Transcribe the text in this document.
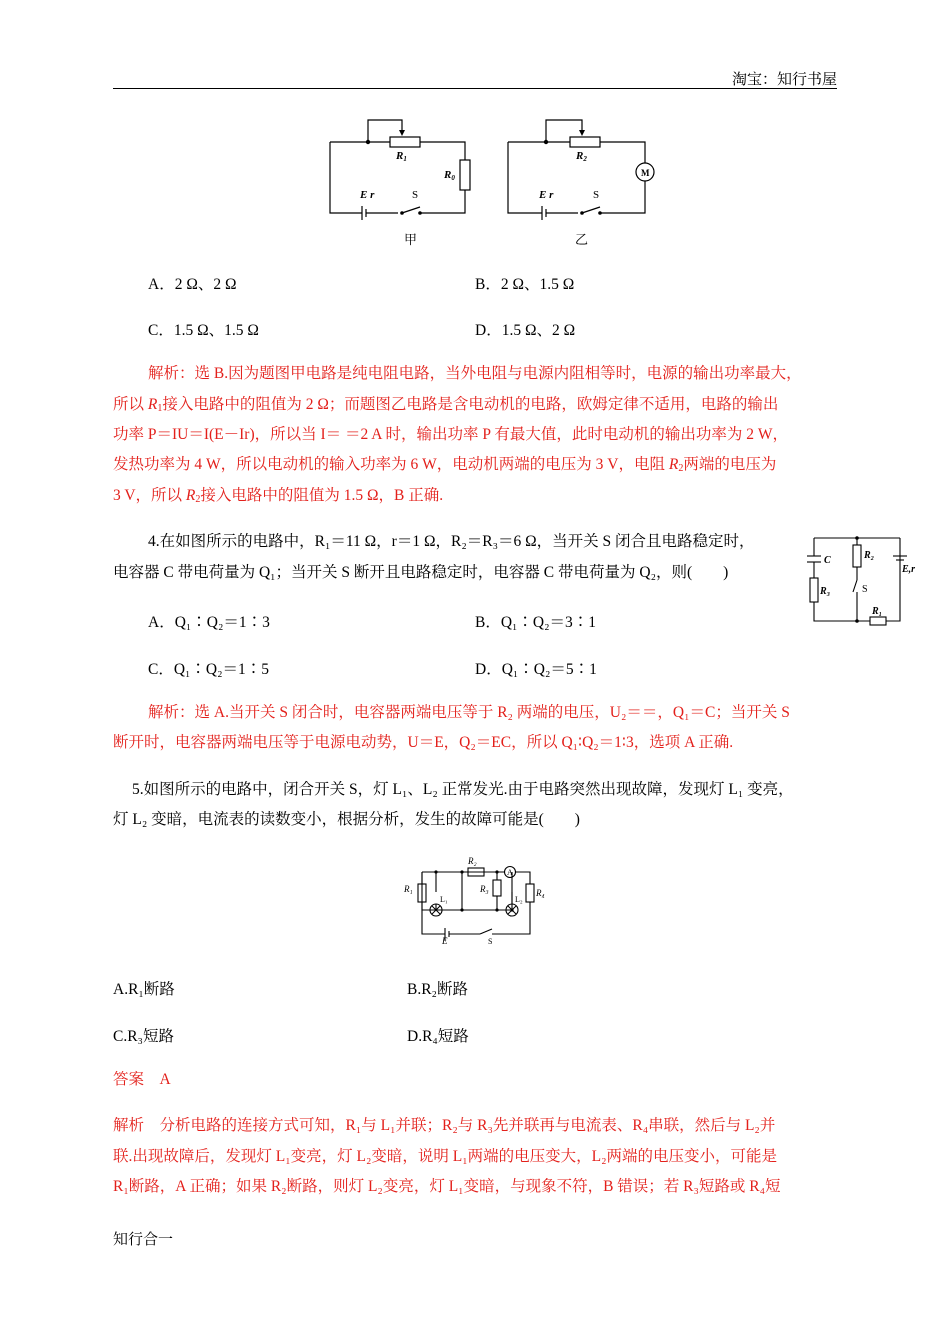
淘宝：知行书屋
R1
R0
E r
R2
E r
S	S
M
甲	乙
A．2 Ω、2 Ω	B．2 Ω、1.5 Ω
C．1.5 Ω、1.5 Ω	D．1.5 Ω、2 Ω
解析：选 B.因为题图甲电路是纯电阻电路，当外电阻与电源内阻相等时，电源的输出功率最大，
所以 $R_1$接入电路中的阻值为 2 Ω；而题图乙电路是含电动机的电路，欧姆定律不适用，电路的输出
功率 P＝IU＝I(E－Ir)，所以当 I＝ ＝2 A 时，输出功率 P 有最大值，此时电动机的输出功率为 2 W，
发热功率为 4 W，所以电动机的输入功率为 6 W，电动机两端的电压为 3 V，电阻 $R_2$两端的电压为
3 V，所以 $R_2$接入电路中的阻值为 1.5 Ω，B 正确.
4.在如图所示的电路中，R₁＝11 Ω，r＝1 Ω，R₂＝R₃＝6 Ω，当开关 S 闭合且电路稳定时，
电容器 C 带电荷量为 Q₁；当开关 S 断开且电路稳定时，电容器 C 带电荷量为 Q₂，则(　　)
C	R₂
R₃
R₁
E,r
S
A．Q₁∶Q₂＝1∶3	B．Q₁∶Q₂＝3∶1
C．Q₁∶Q₂＝1∶5	D．Q₁∶Q₂＝5∶1
解析：选 A.当开关 S 闭合时，电容器两端电压等于 R₂ 两端的电压，U₂＝＝，Q₁＝C；当开关 S
断开时，电容器两端电压等于电源电动势，U＝E，Q₂＝EC，所以 Q₁∶Q₂＝1∶3，选项 A 正确.
5.如图所示的电路中，闭合开关 S，灯 L₁、L₂ 正常发光.由于电路突然出现故障，发现灯 L₁ 变亮，
灯 L₂ 变暗，电流表的读数变小，根据分析，发生的故障可能是(　　)
R₁
R₂
R₃	R₄
E
L₁	L₂
A
S
A.R₁断路	B.R₂断路
C.R₃短路	D.R₄短路
答案　A
解析　分析电路的连接方式可知，R₁与 L₁并联；R₂与 R₃先并联再与电流表、R₄串联，然后与 L₂并
联.出现故障后，发现灯 L₁变亮，灯 L₂变暗，说明 L₁两端的电压变大，L₂两端的电压变小，可能是
R₁断路，A 正确；如果 R₂断路，则灯 L₂变亮，灯 L₁变暗，与现象不符，B 错误；若 R₃短路或 R₄短
知行合一
